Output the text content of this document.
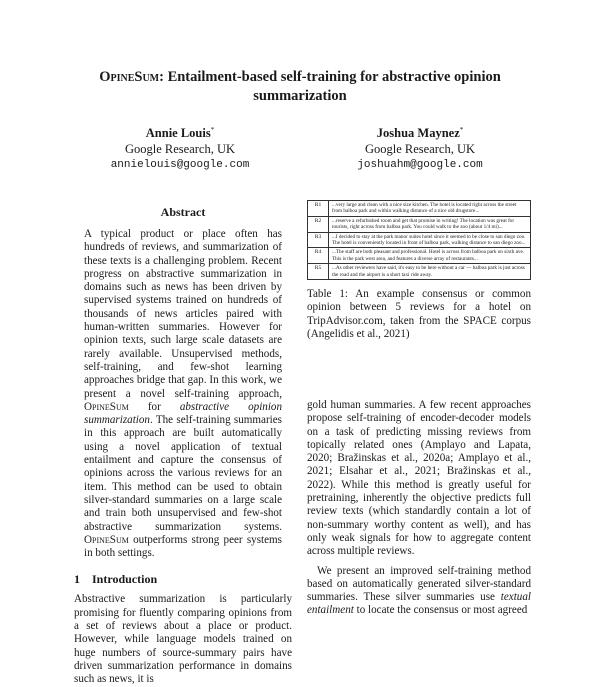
OpineSum: Entailment-based self-training for abstractive opinion summarization
Annie Louis*
Google Research, UK
annielouis@google.com
Joshua Maynez*
Google Research, UK
joshuahm@google.com
Abstract
A typical product or place often has hundreds of reviews, and summarization of these texts is a challenging problem. Recent progress on abstractive summarization in domains such as news has been driven by supervised systems trained on hundreds of thousands of news articles paired with human-written summaries. However for opinion texts, such large scale datasets are rarely available. Unsupervised methods, self-training, and few-shot learning approaches bridge that gap. In this work, we present a novel self-training approach, OpineSum for abstractive opinion summarization. The self-training summaries in this approach are built automatically using a novel application of textual entailment and capture the consensus of opinions across the various reviews for an item. This method can be used to obtain silver-standard summaries on a large scale and train both unsupervised and few-shot abstractive summarization systems. OpineSum outperforms strong peer systems in both settings.
1 Introduction
Abstractive summarization is particularly promising for fluently comparing opinions from a set of reviews about a place or product. However, while language models trained on huge numbers of source-summary pairs have driven summarization performance in domains such as news, it is
R1	...very large and clean with a nice size kitchen. The hotel is located right across the street from balboa park and within walking distance of a nice old drugstore...
R2	...reserve a refurbished room and get that promise in writing! The location was great for tourists, right across from balboa park. You could walk to the zoo (about 1/4 mi)...
R3	...I decided to stay at the park manor suites hotel since it seemed to be close to san diego zoo. The hotel is conveniently located in front of balboa park, walking distance to san diego zoo...
R4	...The staff are both pleasant and professional. Hotel is across from balboa park on sixth ave. This is the park west area, and features a diverse array of restaurants...
R5	...As other reviewers have said, it's easy to be here without a car — balboa park is just across the road and the airport is a short taxi ride away.
Table 1: An example consensus or common opinion between 5 reviews for a hotel on TripAdvisor.com, taken from the SPACE corpus (Angelidis et al., 2021)

gold human summaries. A few recent approaches propose self-training of encoder-decoder models on a task of predicting missing reviews from topically related ones (Amplayo and Lapata, 2020; Bražinskas et al., 2020a; Amplayo et al., 2021; Elsahar et al., 2021; Bražinskas et al., 2022). While this method is greatly useful for pretraining, inherently the objective predicts full review texts (which standardly contain a lot of non-summary worthy content as well), and has only weak signals for how to aggregate content across multiple reviews.

We present an improved self-training method based on automatically generated silver-standard summaries. These silver summaries use textual entailment to locate the consensus or most agreed
